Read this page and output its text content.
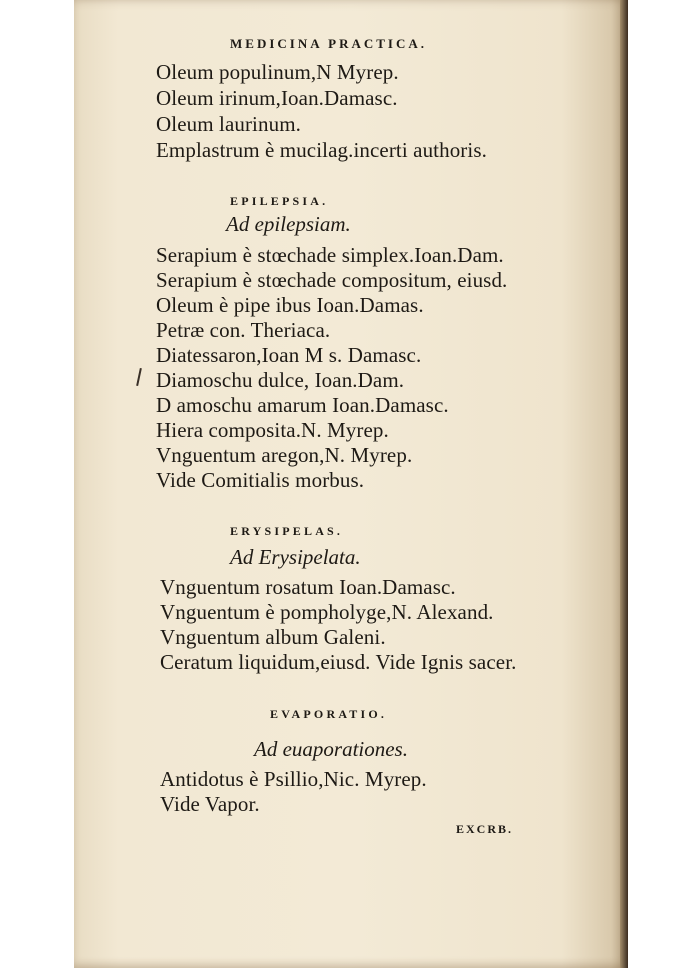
MEDICINA PRACTICA.
Oleum populinum,N Myrep.
Oleum irinum,Ioan.Damasc.
Oleum laurinum.
Emplastrum è mucilag.incerti authoris.
EPILEPSIA.
Ad epilepsiam.
Serapium è stœchade simplex.Ioan.Dam.
Serapium è stœchade compositum, eiusd.
Oleum è pipe ibus Ioan.Damas.
Petræ con. Theriaca.
Diatessaron,Ioan M s. Damasc.
Diamoschu dulce, Ioan.Dam.
D amoschu amarum Ioan.Damasc.
Hiera composita.N. Myrep.
Vnguentum aregon,N. Myrep.
Vide Comitialis morbus.
ERYSIPELAS.
Ad Erysipelata.
Vnguentum rosatum Ioan.Damasc.
Vnguentum è pompholyge,N. Alexand.
Vnguentum album Galeni.
Ceratum liquidum,eiusd. Vide Ignis sacer.
EVAPORATIO.
Ad euaporationes.
Antidotus è Psillio,Nic. Myrep.
Vide Vapor.
EXCRB.
